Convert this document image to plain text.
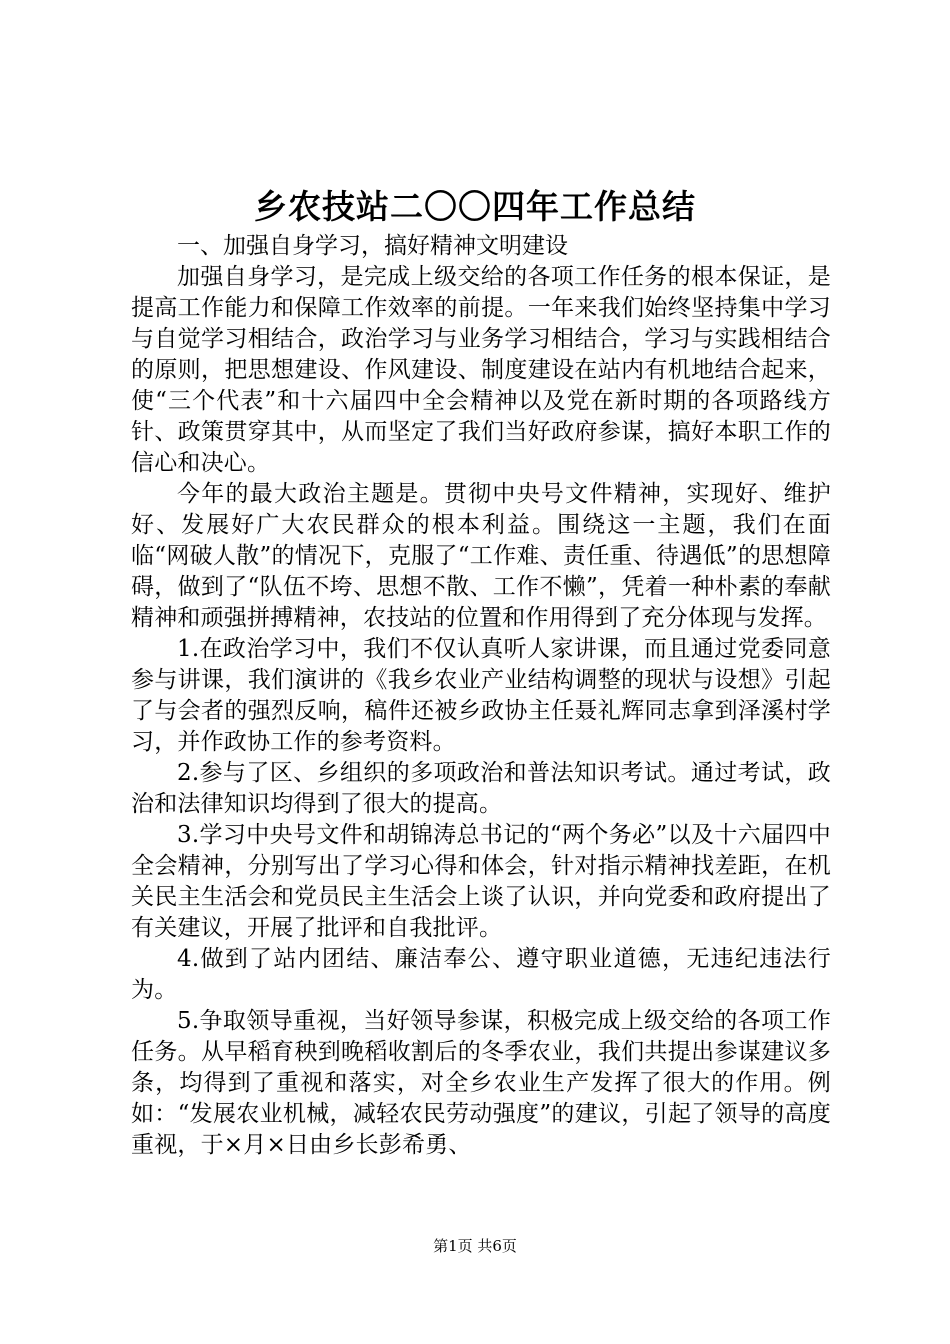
乡农技站二〇〇四年工作总结

一、加强自身学习，搞好精神文明建设

加强自身学习，是完成上级交给的各项工作任务的根本保证，是提高工作能力和保障工作效率的前提。一年来我们始终坚持集中学习与自觉学习相结合，政治学习与业务学习相结合，学习与实践相结合的原则，把思想建设、作风建设、制度建设在站内有机地结合起来，使“三个代表”和十六届四中全会精神以及党在新时期的各项路线方针、政策贯穿其中，从而坚定了我们当好政府参谋，搞好本职工作的信心和决心。

今年的最大政治主题是。贯彻中央号文件精神，实现好、维护好、发展好广大农民群众的根本利益。围绕这一主题，我们在面临“网破人散”的情况下，克服了“工作难、责任重、待遇低”的思想障碍，做到了“队伍不垮、思想不散、工作不懒”，凭着一种朴素的奉献精神和顽强拼搏精神，农技站的位置和作用得到了充分体现与发挥。

1.在政治学习中，我们不仅认真听人家讲课，而且通过党委同意参与讲课，我们演讲的《我乡农业产业结构调整的现状与设想》引起了与会者的强烈反响，稿件还被乡政协主任聂礼辉同志拿到泽溪村学习，并作政协工作的参考资料。

2.参与了区、乡组织的多项政治和普法知识考试。通过考试，政治和法律知识均得到了很大的提高。

3.学习中央号文件和胡锦涛总书记的“两个务必”以及十六届四中全会精神，分别写出了学习心得和体会，针对指示精神找差距，在机关民主生活会和党员民主生活会上谈了认识，并向党委和政府提出了有关建议，开展了批评和自我批评。

4.做到了站内团结、廉洁奉公、遵守职业道德，无违纪违法行为。

5.争取领导重视，当好领导参谋，积极完成上级交给的各项工作任务。从早稻育秧到晚稻收割后的冬季农业，我们共提出参谋建议多条，均得到了重视和落实，对全乡农业生产发挥了很大的作用。例如：“发展农业机械，减轻农民劳动强度”的建议，引起了领导的高度重视，于×月×日由乡长彭希勇、

第1页 共6页
